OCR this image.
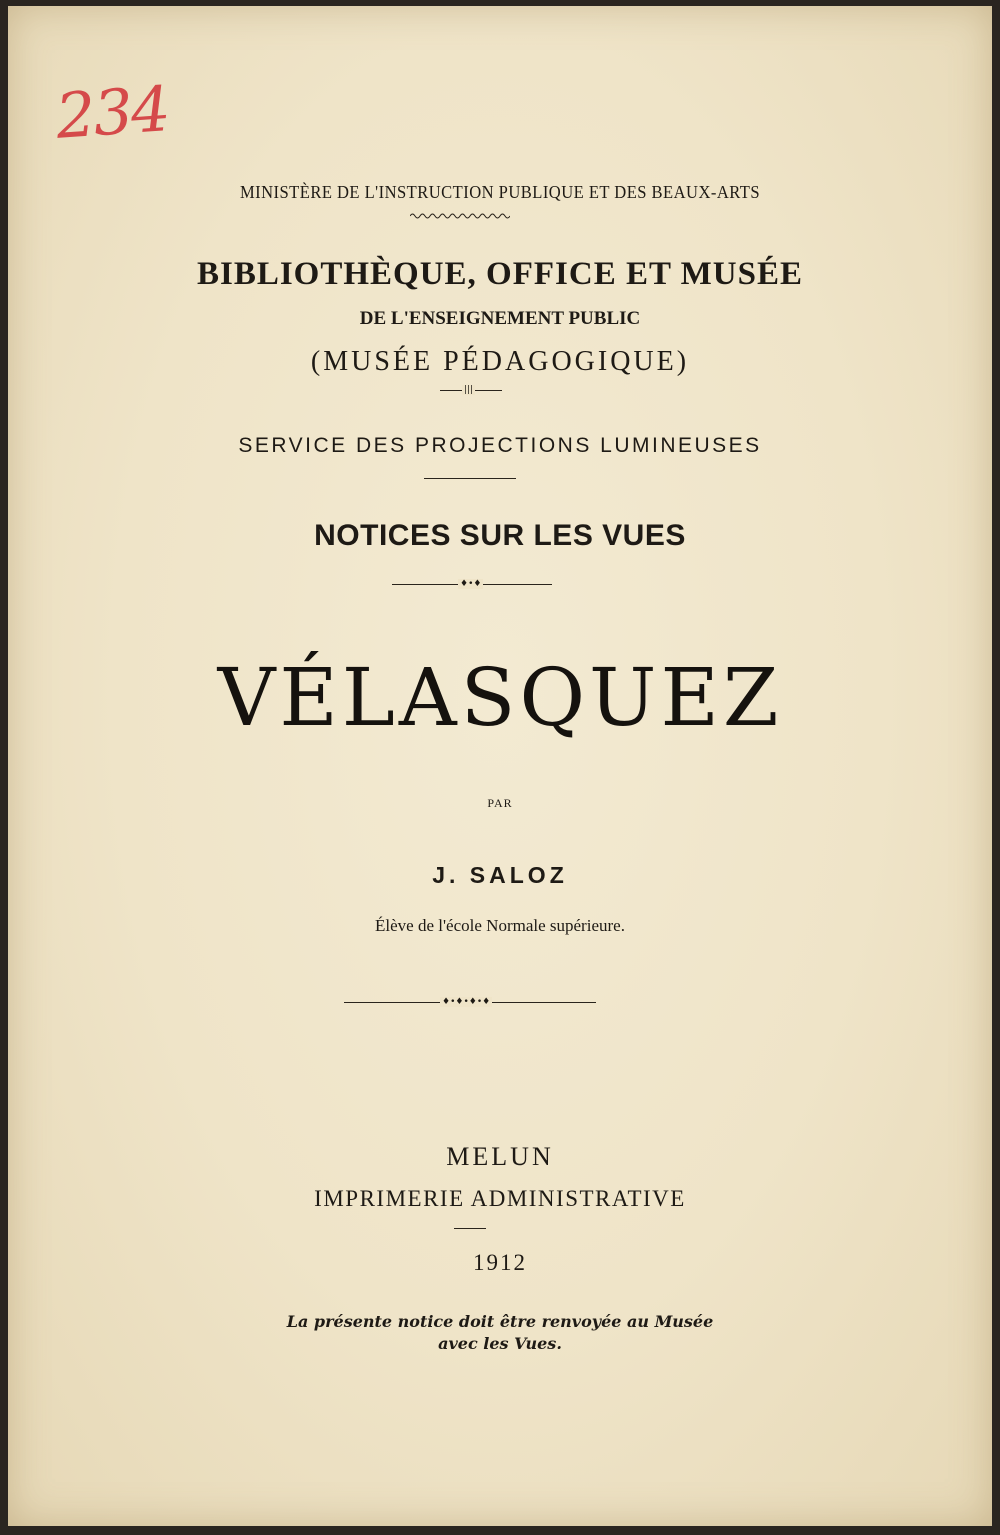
234
MINISTÈRE DE L'INSTRUCTION PUBLIQUE ET DES BEAUX-ARTS
BIBLIOTHÈQUE, OFFICE ET MUSÉE
DE L'ENSEIGNEMENT PUBLIC
(MUSÉE PÉDAGOGIQUE)
|||
SERVICE DES PROJECTIONS LUMINEUSES
NOTICES SUR LES VUES
♦•♦
VÉLASQUEZ
PAR
J. SALOZ
Élève de l'école Normale supérieure.
♦•♦•♦•♦
MELUN
IMPRIMERIE ADMINISTRATIVE
1912
La présente notice doit être renvoyée au Musée
avec les Vues.
